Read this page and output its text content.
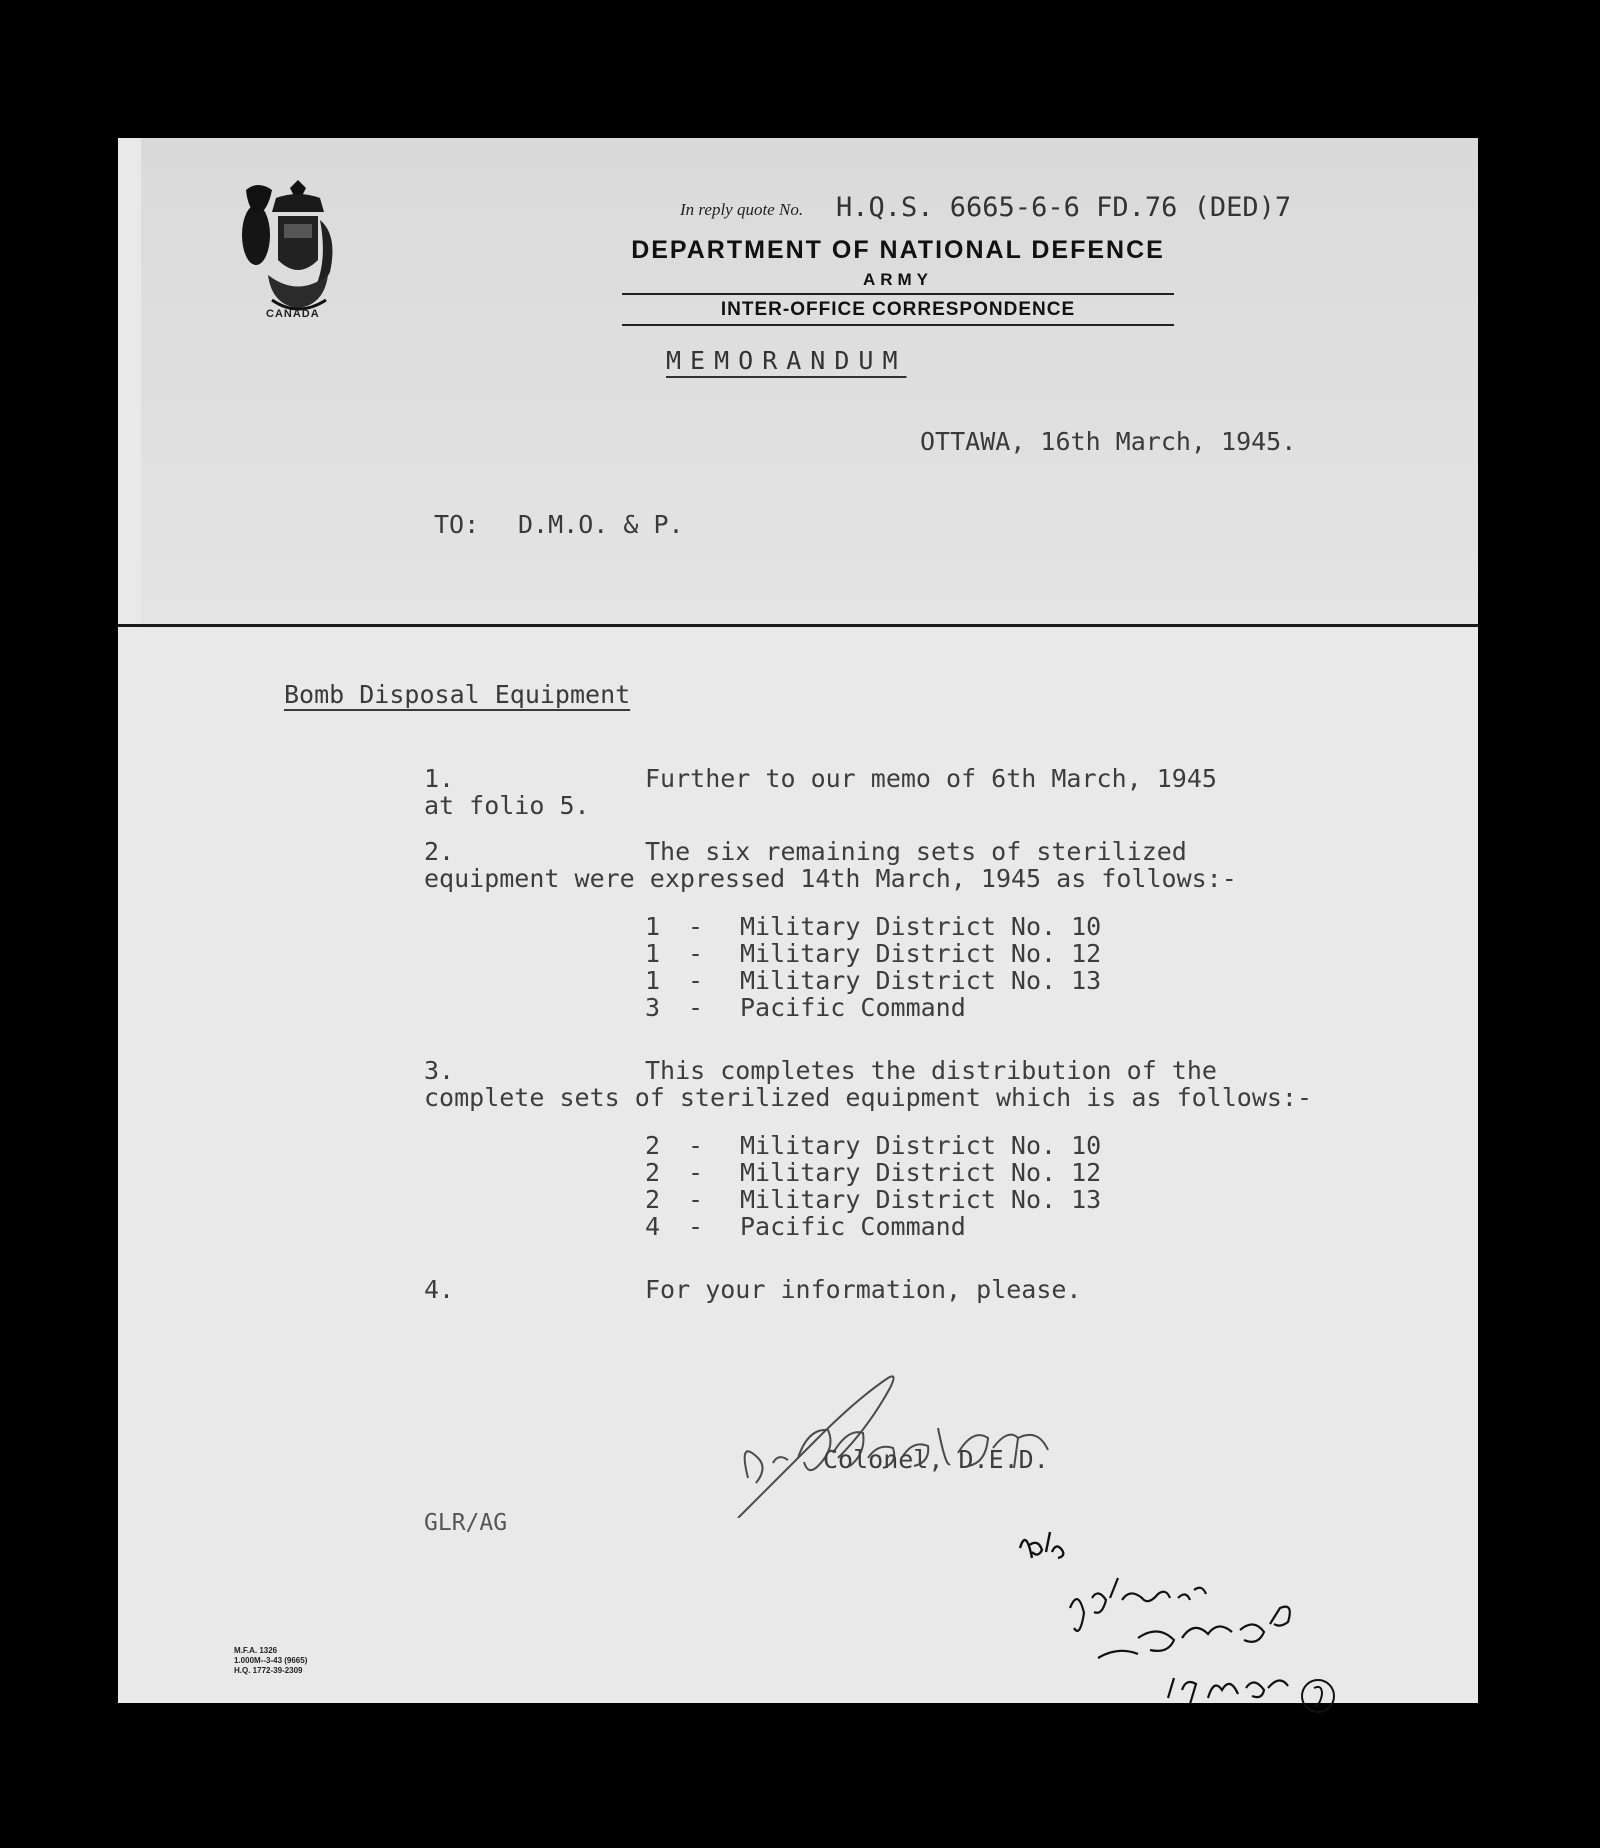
CANADA
In reply quote No. H.Q.S. 6665-6-6 FD.76 (DED)7
DEPARTMENT OF NATIONAL DEFENCE
ARMY
INTER-OFFICE CORRESPONDENCE
MEMORANDUM
OTTAWA, 16th March, 1945.
TO: D.M.O. & P.
Bomb Disposal Equipment
1.	Further to our memo of 6th March, 1945
at folio 5.
2.	The six remaining sets of sterilized
equipment were expressed 14th March, 1945 as follows:-
1 - Military District No. 10
1 - Military District No. 12
1 - Military District No. 13
3 - Pacific Command
3.	This completes the distribution of the
complete sets of sterilized equipment which is as follows:-
2 - Military District No. 10
2 - Military District No. 12
2 - Military District No. 13
4 - Pacific Command
4.	For your information, please.
Colonel, D.E.D.
GLR/AG
M.F.A. 1326
1.000M--3-43 (9665)
H.Q. 1772-39-2309
